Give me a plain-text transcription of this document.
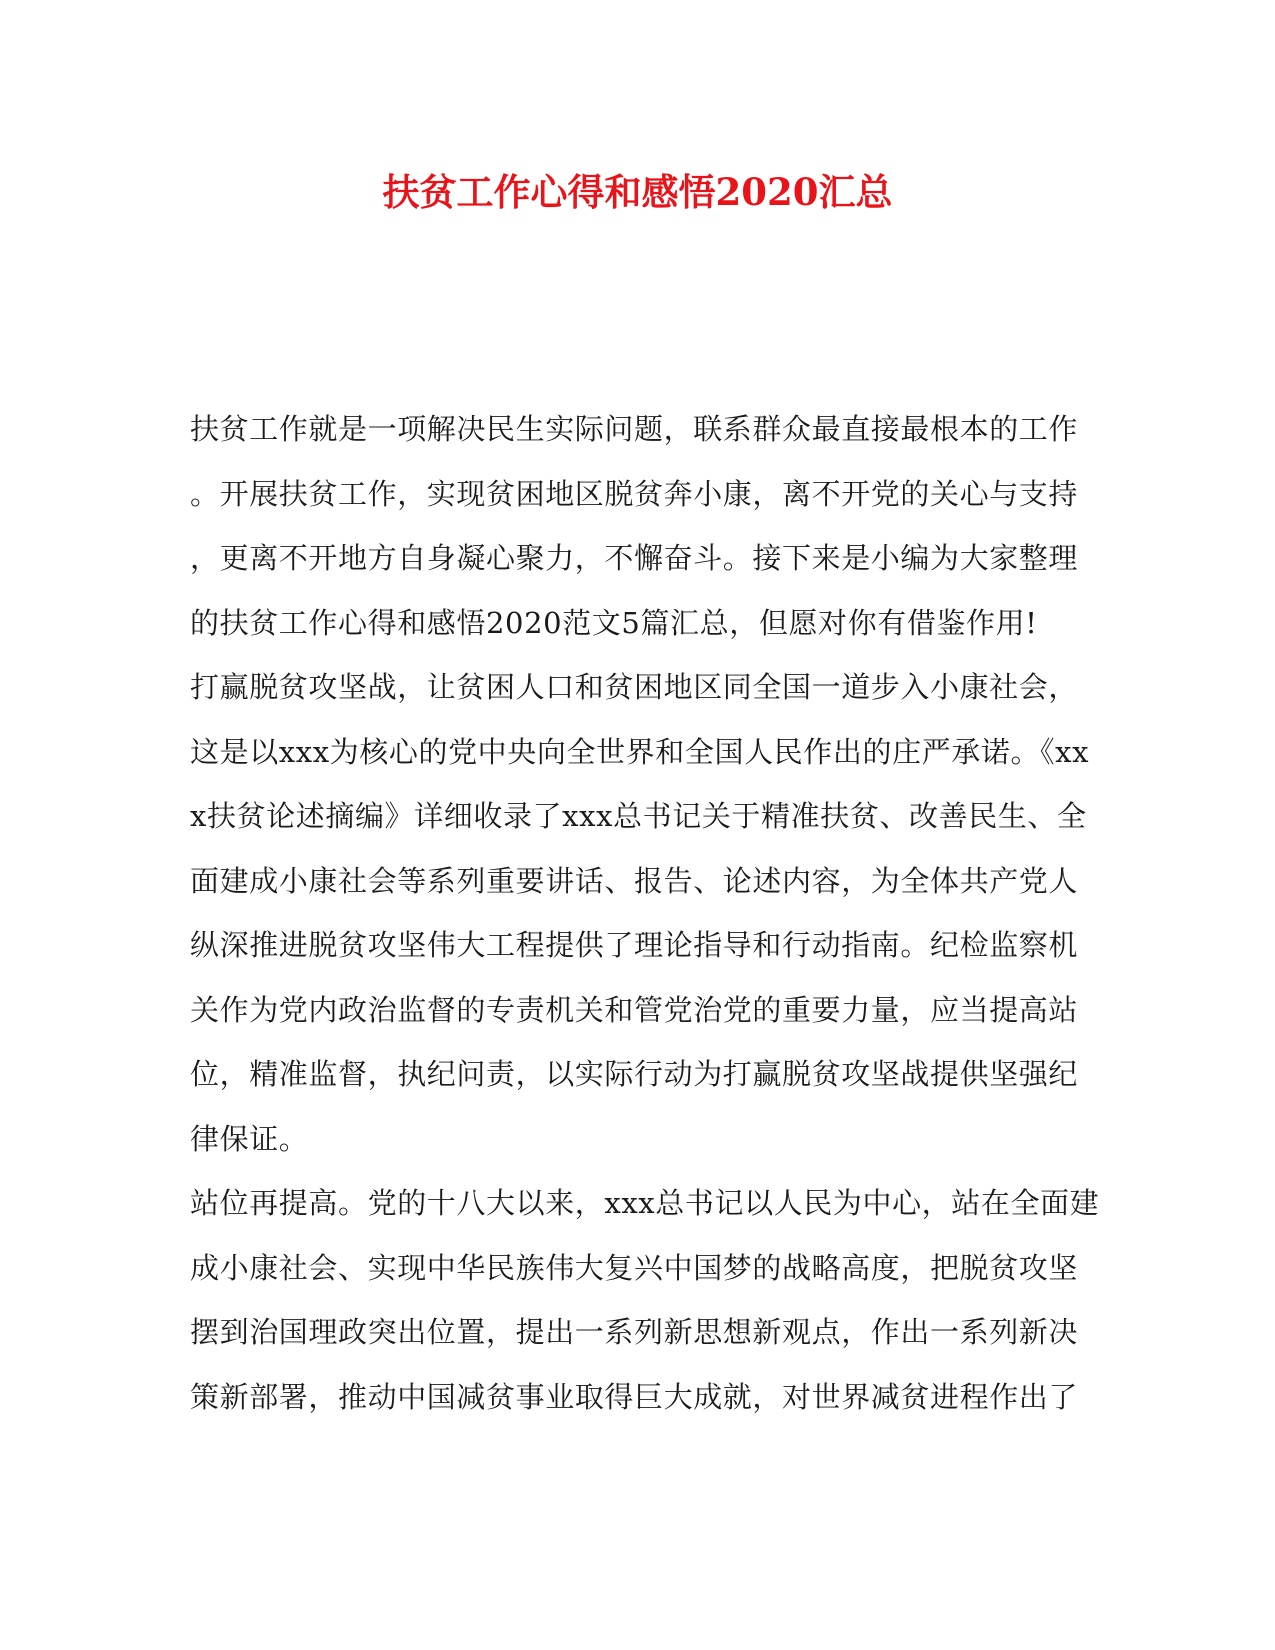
扶贫工作心得和感悟2020汇总
扶贫工作就是一项解决民生实际问题，联系群众最直接最根本的工作
。开展扶贫工作，实现贫困地区脱贫奔小康，离不开党的关心与支持
，更离不开地方自身凝心聚力，不懈奋斗。接下来是小编为大家整理
的扶贫工作心得和感悟2020范文5篇汇总，但愿对你有借鉴作用!
打赢脱贫攻坚战，让贫困人口和贫困地区同全国一道步入小康社会，
这是以xxx为核心的党中央向全世界和全国人民作出的庄严承诺。《xx
x扶贫论述摘编》详细收录了xxx总书记关于精准扶贫、改善民生、全
面建成小康社会等系列重要讲话、报告、论述内容，为全体共产党人
纵深推进脱贫攻坚伟大工程提供了理论指导和行动指南。纪检监察机
关作为党内政治监督的专责机关和管党治党的重要力量，应当提高站
位，精准监督，执纪问责，以实际行动为打赢脱贫攻坚战提供坚强纪
律保证。
站位再提高。党的十八大以来，xxx总书记以人民为中心，站在全面建
成小康社会、实现中华民族伟大复兴中国梦的战略高度，把脱贫攻坚
摆到治国理政突出位置，提出一系列新思想新观点，作出一系列新决
策新部署，推动中国减贫事业取得巨大成就，对世界减贫进程作出了
